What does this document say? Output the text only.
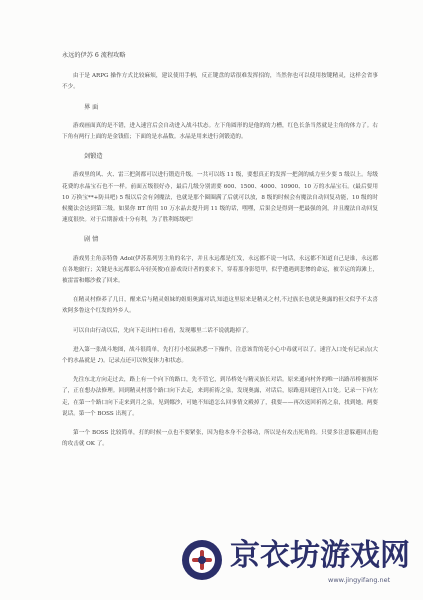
永远的伊苏 6 流程攻略

由于是 ARPG 操作方式比较麻烦，建议使用手柄，反正键盘的话很难发挥招的，当然你也可以使用按键精灵，这样会省事不少。

界 面

游戏画面真的是不错，进入速宫后会自动进入战斗状态。左下角圆形的是他的的力槽，红色长条当然就是主角的体力了。右下角有两行上面的是金钱值；下面的是水晶数。水晶是用来进行剑锻造的。

剑锻造

游戏里的风、火、雷三把剑都可以进行锻造升级。一共可以练 11 级，要想真正的发挥一把剑的威力至少要 5 级以上。每级花费的水晶宝石也不一样。前面五级很好办，最后几级分别需要 600、1500、4000、10900、10 万的水晶宝石。(最后要用 10 万换宝**+防具吧) 5 级以后会有剑魔法，也就是那个圈圈满了后就可以放，8 级的时候会有魔法自动回复功能，10 级的时候魔法会达到第三级。如果你 BT 的用 10 万水晶去提升到 11 级的话，嘿嘿，后果会是得到一把最强的剑，并且魔法自动回复速度很快。对于后期游戏十分有利，为了胜利练级吧！

剧 情

游戏男主角亲特鲁 Adol(伊苏系列男主角的名字，并且永远都是红发，永远都不说一句话，永远都不知道自己是谁，永远都在各地旅行；关键是永远都那么年轻英俊)在游戏设计者的要求下，穿着那身影铠甲，似乎遭遇到悲惨的命运，被幸运的海滩上，被雷雷和娜沙救了回来。

在精灵村修养了几日，醒来后与精灵姐妹的姐姐奥露对话,知道这里原来是精灵之村,不过族长也就是奥露的但父似乎不太喜欢阿多鲁这个红发的外乡人。

可以自由行动以后，先向下走出村口看看，发现哪里二话不说就跑掉了。

进入第一张战斗地图，战斗很简单，先打打小松鼠熟悉一下操作，注意该背的花小心中毒就可以了。速宫入口处有记录点(大个的水晶就是 ♪)。记录点还可以恢复体力和状态。

先往东北方向走过去，路上有一个向下的路口，先不管它，到吊桥处与精灵族长对话。原来通向村外的唯一出路吊桥被损坏了，正在想办法修理。回到精灵村那个路口向下去走，来到祈祷之泉，发现奥露，对话后，原路返回速宫入口处。记录一下向左走，在第一个路口向下走来到月之泉，见到娜沙，可她不知道怎么回事情文殿掉了，我要——再次返回祈祷之泉，找到她，两要说话。第一个 BOSS 出现了。

第一个 BOSS 比较简单，打的时候一点也不要紧张，因为他本身不会移动，所以是有攻击死角的。只要多注意躲避回击他的攻击就 OK 了。

京衣坊游戏网
www.jingyifang.net
